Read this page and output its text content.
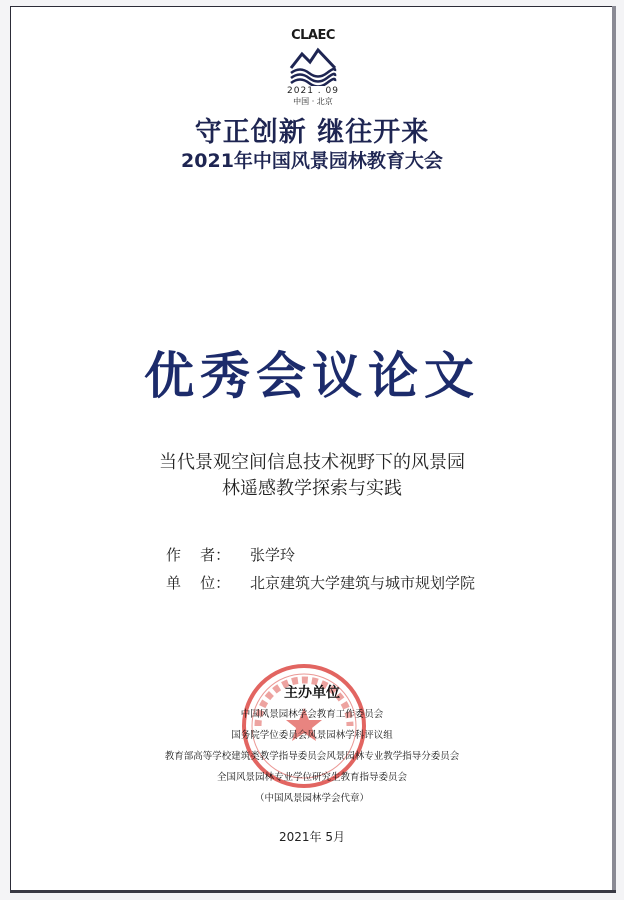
CLAEC
2021 . 09
中国 · 北京
守正创新 继往开来
2021年中国风景园林教育大会
优秀会议论文
当代景观空间信息技术视野下的风景园
林遥感教学探索与实践
作    者：	张学玲
单    位：	北京建筑大学建筑与城市规划学院
主办单位
中国风景园林学会教育工作委员会
国务院学位委员会风景园林学科评议组
教育部高等学校建筑类教学指导委员会风景园林专业教学指导分委员会
全国风景园林专业学位研究生教育指导委员会
（中国风景园林学会代章）
2021年 5月
